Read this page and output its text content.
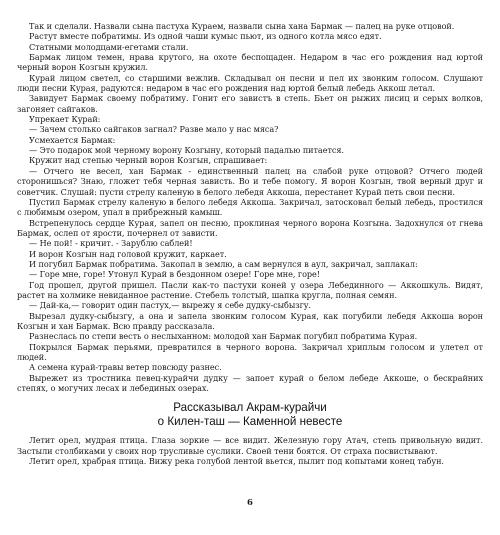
Так и сделали. Назвали сына пастуха Кураем, назвали сына хана Бармак — палец на руке отцовой.

Растут вместе побратимы. Из одной чаши кумыс пьют, из одного котла мясо едят.

Статными молодцами-егетами стали.

Бармак лицом темен, нрава крутого, на охоте беспощаден. Недаром в час его рождения над юртой черный ворон Козгын кружил.

Курай лицом светел, со старшими вежлив. Складывал он песни и пел их звонким голосом. Слушают люди песни Курая, радуются: недаром в час его рождения над юртой белый лебедь Аккош летал.

Завидует Бармак своему побратиму. Гонит его завистъ в степь. Бьет он рыжих лисиц и серых волков, загоняет сайгаков.

Упрекает Курай:

— Зачем столько сайгаков загнал? Разве мало у нас мяса?

Усмехается Бармак:

— Это подарок мой черному ворону Козгыну, который падалью питается.

Кружит над степью черный ворон Козгын, спрашивает:

— Отчего не весел, хан Бармак - единственный палец на слабой руке отцовой? Отчего людей сторонишься? Знаю, гложет тебя черная зависть. Во и тебе помогу. Я ворон Козгын, твой верный друг и советчик. Слушай: пусти стрелу каленую в белого лебедя Аккоша, перестанет Курай петь свои песни.

Пустил Бармак стрелу каленую в белого лебедя Аккоша. Закричал, затосковал белый лебедь, простился с любимым озером, упал в прибрежный камыш.

Встрепенулось сердце Курая, запел он песню, проклиная черного ворона Козгына. Задохнулся от гнева Бармак, ослеп от ярости, почернел от зависти.

— Не пой! - кричит. - Зарублю саблей!

И ворон Козгын над головой кружит, каркает.

И погубил Бармак побратима. Закопал в землю, а сам вернулся в аул, закричал, заплакал:

— Горе мне, горе! Утонул Курай в бездонном озере! Горе мне, горе!

Год прошел, другой пришел. Пасли как-то пастухи коней у озера Лебединного — Аккошкуль. Видят, растет на холмике невиданное растение. Стебель толстый, шапка кругла, полная семян.

— Дай-ка,— говорит один пастух,— вырежу я себе дудку-сыбызгу.

Вырезал дудку-сыбызгу, а она и запела звонким голосом Курая, как погубили лебедя Аккоша ворон Козгын и хан Бармак. Всю правду рассказала.

Разнеслась по степи весть о неслыханном: молодой хан Бармак погубил побратима Курая.

Покрылся Бармак перьями, превратился в черного ворона. Закричал хриплым голосом и улетел от людей.

А семена курай-травы ветер повсюду разнес.

Вырежет из тростника певец-курайчи дудку — запоет курай о белом лебеде Аккоше, о бескрайних степях, о могучих лесах и лебединых озерах.

Рассказывал Акрам-курайчи
о Килен-таш — Каменной невесте

Летит орел, мудрая птица. Глаза зоркие — все видит. Железную гору Атач, степь привольную видит. Застыли столбиками у своих нор трусливые суслики. Своей тени боятся. От страха посвистывают.

Летит орел, храбрая птица. Вижу река голубой лентой вьется, пылит под копытами конец табун.

6
